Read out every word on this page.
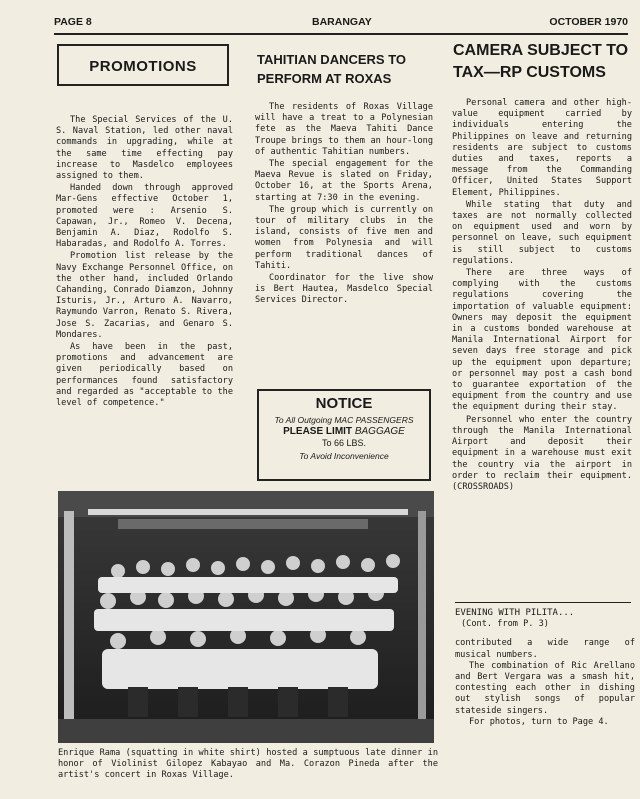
PAGE 8	BARANGAY	OCTOBER 1970
PROMOTIONS

The Special Services of the U. S. Naval Station, led other naval commands in upgrading, while at the same time effecting pay increase to Masdelco employees assigned to them.

Handed down through approved Mar-Gens effective October 1, promoted were : Arsenio S. Capawan, Jr., Romeo V. Decena, Benjamin A. Diaz, Rodolfo S. Habaradas, and Rodolfo A. Torres.

Promotion list release by the Navy Exchange Personnel Office, on the other hand, included Orlando Cahanding, Conrado Diamzon, Johnny Isturis, Jr., Arturo A. Navarro, Raymundo Varron, Renato S. Rivera, Jose S. Zacarias, and Genaro S. Mondares.

As have been in the past, promotions and advancement are given periodically based on performances found satisfactory and regarded as "acceptable to the level of competence."

TAHITIAN DANCERS TO PERFORM AT ROXAS

The residents of Roxas Village will have a treat to a Polynesian fete as the Maeva Tahiti Dance Troupe brings to them an hour-long of authentic Tahitian numbers.

The special engagement for the Maeva Revue is slated on Friday, October 16, at the Sports Arena, starting at 7:30 in the evening.

The group which is currently on tour of military clubs in the island, consists of five men and women from Polynesia and will perform traditional dances of Tahiti.

Coordinator for the live show is Bert Hautea, Masdelco Special Services Director.

NOTICE
To All Outgoing MAC PASSENGERS
PLEASE LIMIT BAGGAGE
To 66 LBS.
To Avoid Inconvenience
CAMERA SUBJECT TO TAX—RP CUSTOMS

Personal camera and other high-value equipment carried by individuals entering the Philippines on leave and returning residents are subject to customs duties and taxes, reports a message from the Commanding Officer, United States Support Element, Philippines.

While stating that duty and taxes are not normally collected on equipment used and worn by personnel on leave, such equipment is still subject to customs regulations.

There are three ways of complying with the customs regulations covering the importation of valuable equipment: Owners may deposit the equipment in a customs bonded warehouse at Manila International Airport for seven days free storage and pick up the equipment upon departure; or personnel may post a cash bond to guarantee exportation of the equipment from the country and use the equipment during their stay.

Personnel who enter the country through the Manila International Airport and deposit their equipment in a warehouse must exit the country via the airport in order to reclaim their equipment. (CROSSROADS)

EVENING WITH PILITA...
(Cont. from P. 3)

contributed a wide range of musical numbers.

The combination of Ric Arellano and Bert Vergara was a smash hit, contesting each other in dishing out stylish songs of popular stateside singers.

For photos, turn to Page 4.

Enrique Rama (squatting in white shirt) hosted a sumptuous late dinner in honor of Violinist Gilopez Kabayao and Ma. Corazon Pineda after the artist's concert in Roxas Village.
